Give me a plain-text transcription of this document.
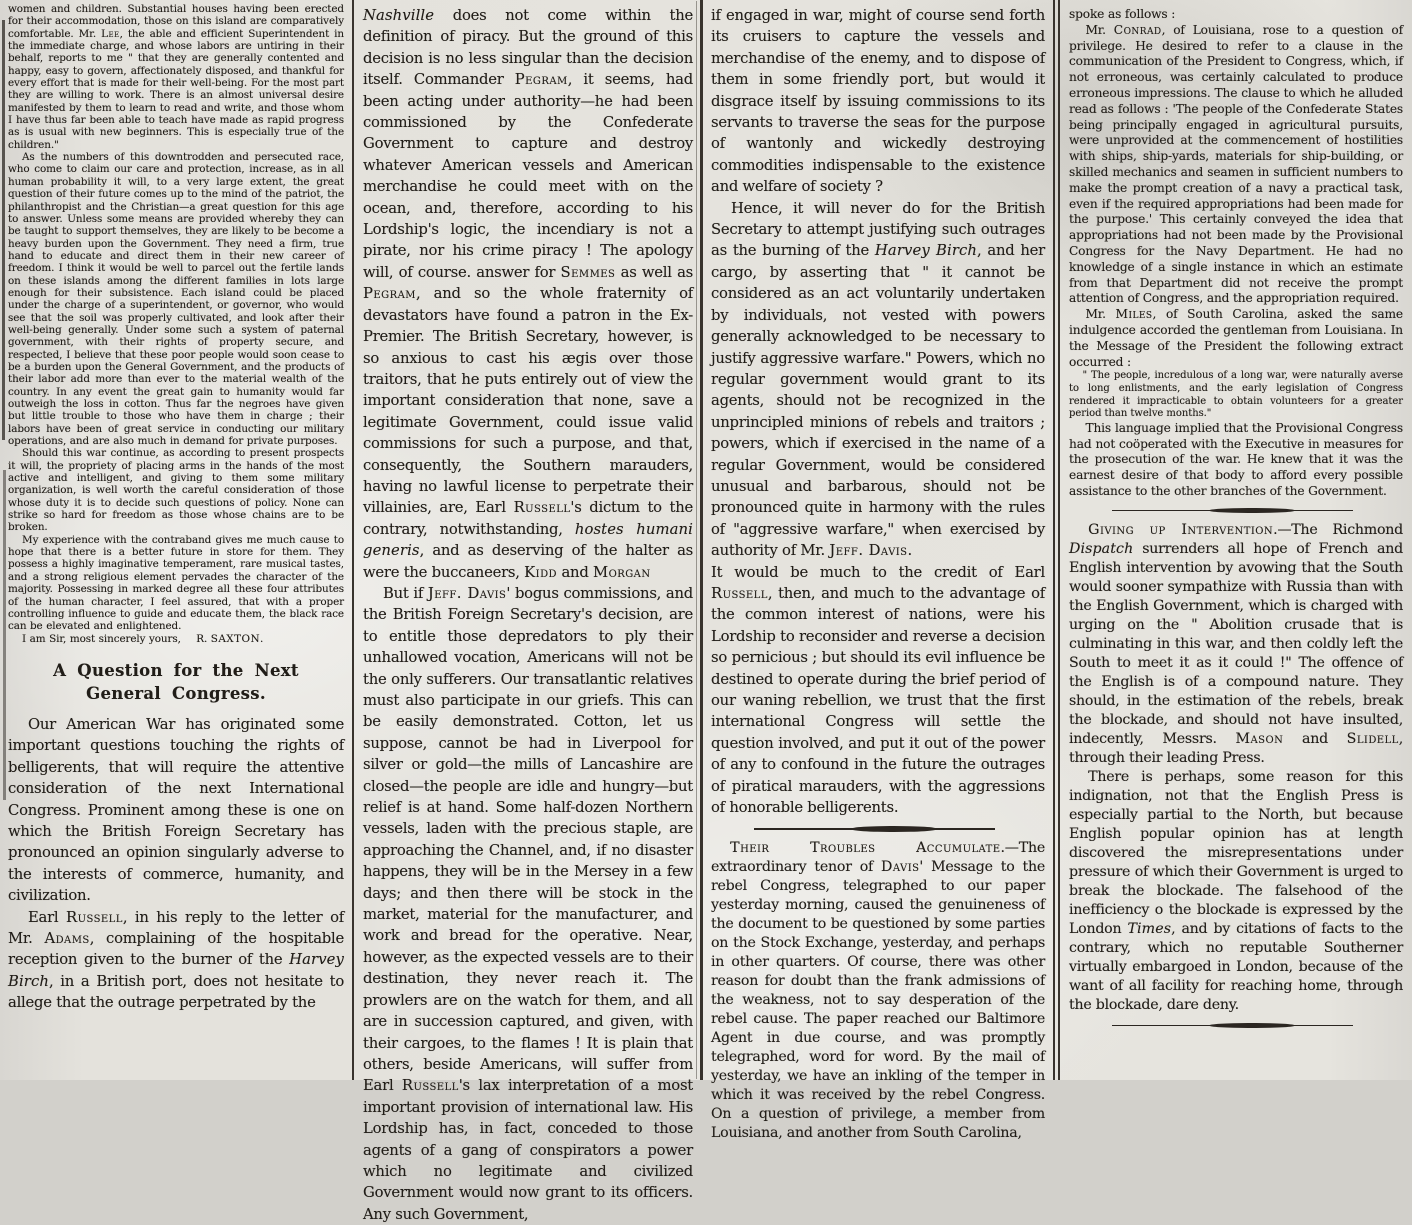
women and children. Substantial houses having been erected for their accommodation, those on this island are comparatively comfortable. Mr. Lee, the able and efficient Superintendent in the immediate charge, and whose labors are untiring in their behalf, reports to me " that they are generally contented and happy, easy to govern, affectionately disposed, and thankful for every effort that is made for their well-being. For the most part they are willing to work. There is an almost universal desire manifested by them to learn to read and write, and those whom I have thus far been able to teach have made as rapid progress as is usual with new beginners. This is especially true of the children."

As the numbers of this downtrodden and persecuted race, who come to claim our care and protection, increase, as in all human probability it will, to a very large extent, the great question of their future comes up to the mind of the patriot, the philanthropist and the Christian—a great question for this age to answer. Unless some means are provided whereby they can be taught to support themselves, they are likely to be become a heavy burden upon the Government. They need a firm, true hand to educate and direct them in their new career of freedom. I think it would be well to parcel out the fertile lands on these islands among the different families in lots large enough for their subsistence. Each island could be placed under the charge of a superintendent, or governor, who would see that the soil was properly cultivated, and look after their well-being generally. Under some such a system of paternal government, with their rights of property secure, and respected, I believe that these poor people would soon cease to be a burden upon the General Government, and the products of their labor add more than ever to the material wealth of the country. In any event the great gain to humanity would far outweigh the loss in cotton. Thus far the negroes have given but little trouble to those who have them in charge ; their labors have been of great service in conducting our military operations, and are also much in demand for private purposes.

Should this war continue, as according to present prospects it will, the propriety of placing arms in the hands of the most active and intelligent, and giving to them some military organization, is well worth the careful consideration of those whose duty it is to decide such questions of policy. None can strike so hard for freedom as those whose chains are to be broken.

My experience with the contraband gives me much cause to hope that there is a better future in store for them. They possess a highly imaginative temperament, rare musical tastes, and a strong religious element pervades the character of the majority. Possessing in marked degree all these four attributes of the human character, I feel assured, that with a proper controlling influence to guide and educate them, the black race can be elevated and enlightened.

I am Sir, most sincerely yours,  R. SAXTON.

A Question for the Next General Congress.

Our American War has originated some important questions touching the rights of belligerents, that will require the attentive consideration of the next International Congress. Prominent among these is one on which the British Foreign Secretary has pronounced an opinion singularly adverse to the interests of commerce, humanity, and civilization.

Earl Russell, in his reply to the letter of Mr. Adams, complaining of the hospitable reception given to the burner of the Harvey Birch, in a British port, does not hesitate to allege that the outrage perpetrated by the

Nashville does not come within the definition of piracy. But the ground of this decision is no less singular than the decision itself. Commander Pegram, it seems, had been acting under authority—he had been commissioned by the Confederate Government to capture and destroy whatever American vessels and American merchandise he could meet with on the ocean, and, therefore, according to his Lordship's logic, the incendiary is not a pirate, nor his crime piracy ! The apology will, of course. answer for Semmes as well as Pegram, and so the whole fraternity of devastators have found a patron in the Ex-Premier. The British Secretary, however, is so anxious to cast his ægis over those traitors, that he puts entirely out of view the important consideration that none, save a legitimate Government, could issue valid commissions for such a purpose, and that, consequently, the Southern marauders, having no lawful license to perpetrate their villainies, are, Earl Russell's dictum to the contrary, notwithstanding, hostes humani generis, and as deserving of the halter as were the buccaneers, Kidd and Morgan

But if Jeff. Davis' bogus commissions, and the British Foreign Secretary's decision, are to entitle those depredators to ply their unhallowed vocation, Americans will not be the only sufferers. Our transatlantic relatives must also participate in our griefs. This can be easily demonstrated. Cotton, let us suppose, cannot be had in Liverpool for silver or gold—the mills of Lancashire are closed—the people are idle and hungry—but relief is at hand. Some half-dozen Northern vessels, laden with the precious staple, are approaching the Channel, and, if no disaster happens, they will be in the Mersey in a few days; and then there will be stock in the market, material for the manufacturer, and work and bread for the operative. Near, however, as the expected vessels are to their destination, they never reach it. The prowlers are on the watch for them, and all are in succession captured, and given, with their cargoes, to the flames ! It is plain that others, beside Americans, will suffer from Earl Russell's lax interpretation of a most important provision of international law. His Lordship has, in fact, conceded to those agents of a gang of conspirators a power which no legitimate and civilized Government would now grant to its officers. Any such Government,

if engaged in war, might of course send forth its cruisers to capture the vessels and merchandise of the enemy, and to dispose of them in some friendly port, but would it disgrace itself by issuing commissions to its servants to traverse the seas for the purpose of wantonly and wickedly destroying commodities indispensable to the existence and welfare of society ?

Hence, it will never do for the British Secretary to attempt justifying such outrages as the burning of the Harvey Birch, and her cargo, by asserting that " it cannot be considered as an act voluntarily undertaken by individuals, not vested with powers generally acknowledged to be necessary to justify aggressive warfare." Powers, which no regular government would grant to its agents, should not be recognized in the unprincipled minions of rebels and traitors ; powers, which if exercised in the name of a regular Government, would be considered unusual and barbarous, should not be pronounced quite in harmony with the rules of "aggressive warfare," when exercised by authority of Mr. Jeff. Davis.

It would be much to the credit of Earl Russell, then, and much to the advantage of the common interest of nations, were his Lordship to reconsider and reverse a decision so pernicious ; but should its evil influence be destined to operate during the brief period of our waning rebellion, we trust that the first international Congress will settle the question involved, and put it out of the power of any to confound in the future the outrages of piratical marauders, with the aggressions of honorable belligerents.

Their Troubles Accumulate.—The extraordinary tenor of Davis' Message to the rebel Congress, telegraphed to our paper yesterday morning, caused the genuineness of the document to be questioned by some parties on the Stock Exchange, yesterday, and perhaps in other quarters. Of course, there was other reason for doubt than the frank admissions of the weakness, not to say desperation of the rebel cause. The paper reached our Baltimore Agent in due course, and was promptly telegraphed, word for word. By the mail of yesterday, we have an inkling of the temper in which it was received by the rebel Congress. On a question of privilege, a member from Louisiana, and another from South Carolina,

spoke as follows :

Mr. Conrad, of Louisiana, rose to a question of privilege. He desired to refer to a clause in the communication of the President to Congress, which, if not erroneous, was certainly calculated to produce erroneous impressions. The clause to which he alluded read as follows : 'The people of the Confederate States being principally engaged in agricultural pursuits, were unprovided at the commencement of hostilities with ships, ship-yards, materials for ship-building, or skilled mechanics and seamen in sufficient numbers to make the prompt creation of a navy a practical task, even if the required appropriations had been made for the purpose.' This certainly conveyed the idea that appropriations had not been made by the Provisional Congress for the Navy Department. He had no knowledge of a single instance in which an estimate from that Department did not receive the prompt attention of Congress, and the appropriation required.

Mr. Miles, of South Carolina, asked the same indulgence accorded the gentleman from Louisiana. In the Message of the President the following extract occurred :

" The people, incredulous of a long war, were naturally averse to long enlistments, and the early legislation of Congress rendered it impracticable to obtain volunteers for a greater period than twelve months."

This language implied that the Provisional Congress had not coöperated with the Executive in measures for the prosecution of the war. He knew that it was the earnest desire of that body to afford every possible assistance to the other branches of the Government.

Giving up Intervention.—The Richmond Dispatch surrenders all hope of French and English intervention by avowing that the South would sooner sympathize with Russia than with the English Government, which is charged with urging on the " Abolition crusade that is culminating in this war, and then coldly left the South to meet it as it could !" The offence of the English is of a compound nature. They should, in the estimation of the rebels, break the blockade, and should not have insulted, indecently, Messrs. Mason and Slidell, through their leading Press.

There is perhaps, some reason for this indignation, not that the English Press is especially partial to the North, but because English popular opinion has at length discovered the misrepresentations under pressure of which their Government is urged to break the blockade. The falsehood of the inefficiency o the blockade is expressed by the London Times, and by citations of facts to the contrary, which no reputable Southerner virtually embargoed in London, because of the want of all facility for reaching home, through the blockade, dare deny.
